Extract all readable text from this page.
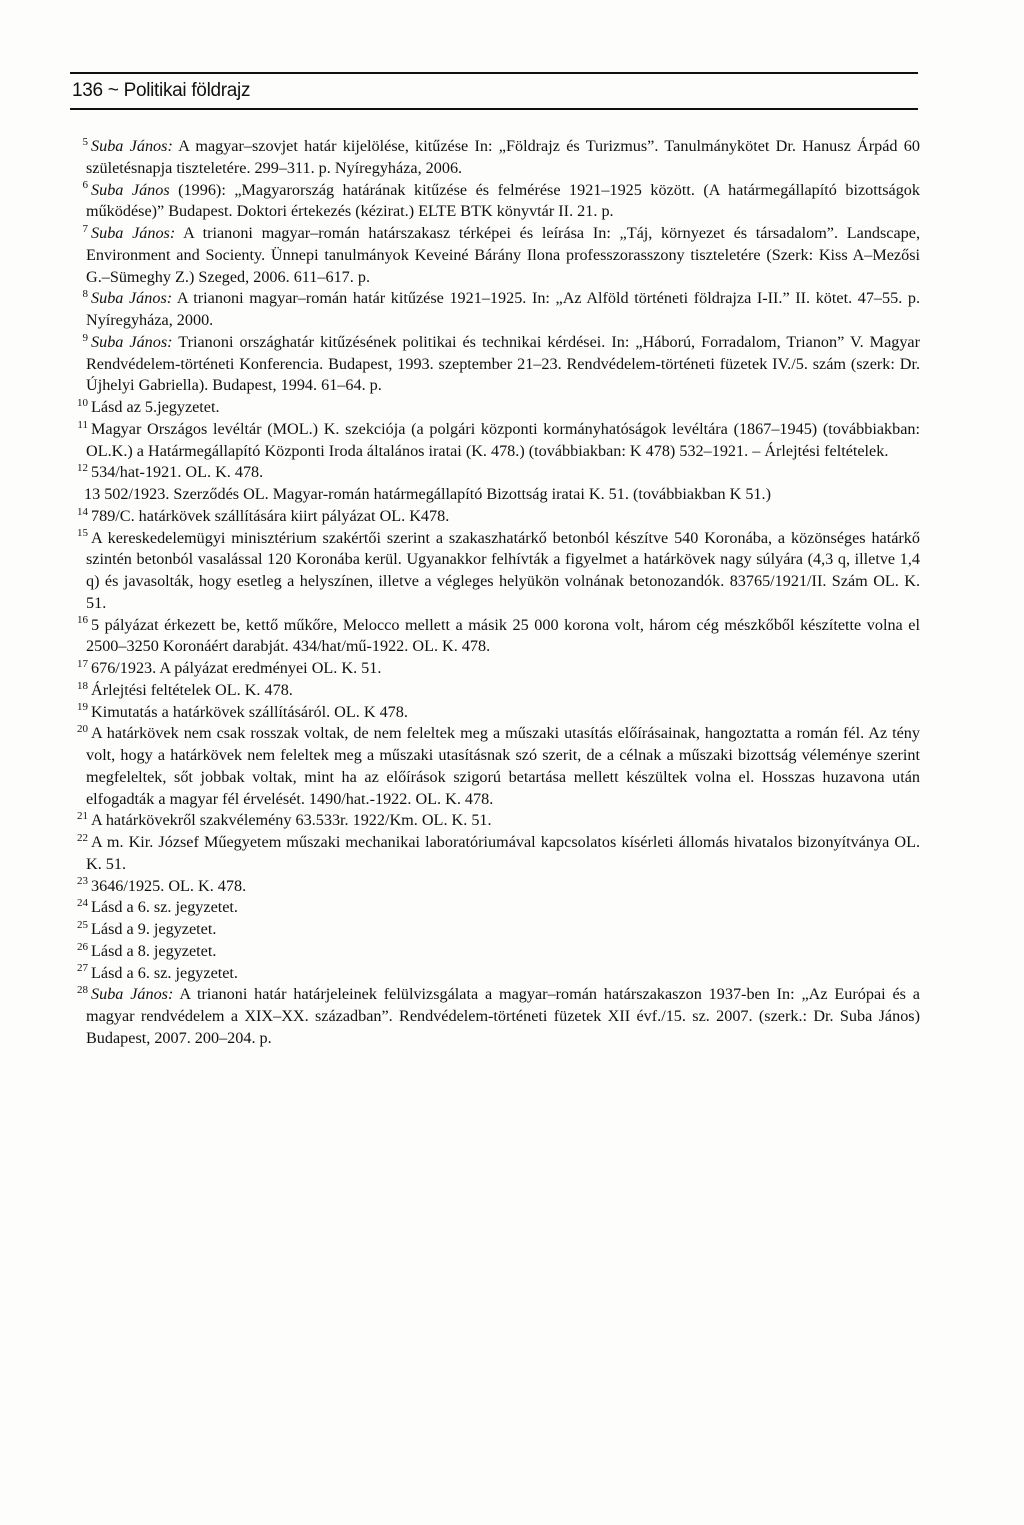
136 ~ Politikai földrajz

5 Suba János: A magyar–szovjet határ kijelölése, kitűzése In: „Földrajz és Turizmus”. Tanulmánykötet Dr. Hanusz Árpád 60 születésnapja tiszteletére. 299–311. p. Nyíregyháza, 2006.

6 Suba János (1996): „Magyarország határának kitűzése és felmérése 1921–1925 között. (A határmegállapító bizottságok működése)” Budapest. Doktori értekezés (kézirat.) ELTE BTK könyvtár II. 21. p.

7 Suba János: A trianoni magyar–román határszakasz térképei és leírása In: „Táj, környezet és társadalom”. Landscape, Environment and Socienty. Ünnepi tanulmányok Keveiné Bárány Ilona professzorasszony tiszteletére (Szerk: Kiss A–Mezősi G.–Sümeghy Z.) Szeged, 2006. 611–617. p.

8 Suba János: A trianoni magyar–román határ kitűzése 1921–1925. In: „Az Alföld történeti földrajza I-II.” II. kötet. 47–55. p. Nyíregyháza, 2000.

9 Suba János: Trianoni országhatár kitűzésének politikai és technikai kérdései. In: „Háború, Forradalom, Trianon” V. Magyar Rendvédelem-történeti Konferencia. Budapest, 1993. szeptember 21–23. Rendvédelem-történeti füzetek IV./5. szám (szerk: Dr. Újhelyi Gabriella). Budapest, 1994. 61–64. p.

10 Lásd az 5.jegyzetet.

11 Magyar Országos levéltár (MOL.) K. szekciója (a polgári központi kormányhatóságok levéltára (1867–1945) (továbbiakban: OL.K.) a Határmegállapító Központi Iroda általános iratai (K. 478.) (továbbiakban: K 478) 532–1921. – Árlejtési feltételek.

12 534/hat-1921. OL. K. 478.

13 502/1923. Szerződés OL. Magyar-román határmegállapító Bizottság iratai K. 51. (továbbiakban K 51.)

14 789/C. határkövek szállítására kiirt pályázat OL. K478.

15 A kereskedelemügyi minisztérium szakértői szerint a szakaszhatárkő betonból készítve 540 Koronába, a közönséges határkő szintén betonból vasalással 120 Koronába kerül. Ugyanakkor felhívták a figyelmet a határkövek nagy súlyára (4,3 q, illetve 1,4 q) és javasolták, hogy esetleg a helyszínen, illetve a végleges helyükön volnának betonozandók. 83765/1921/II. Szám OL. K. 51.

16 5 pályázat érkezett be, kettő műkőre, Melocco mellett a másik 25 000 korona volt, három cég mészkőből készítette volna el 2500–3250 Koronáért darabját. 434/hat/mű-1922. OL. K. 478.

17 676/1923. A pályázat eredményei OL. K. 51.

18 Árlejtési feltételek OL. K. 478.

19 Kimutatás a határkövek szállításáról. OL. K 478.

20 A határkövek nem csak rosszak voltak, de nem feleltek meg a műszaki utasítás előírásainak, hangoztatta a román fél. Az tény volt, hogy a határkövek nem feleltek meg a műszaki utasításnak szó szerit, de a célnak a műszaki bizottság véleménye szerint megfeleltek, sőt jobbak voltak, mint ha az előírások szigorú betartása mellett készültek volna el. Hosszas huzavona után elfogadták a magyar fél érvelését. 1490/hat.-1922. OL. K. 478.

21 A határkövekről szakvélemény 63.533r. 1922/Km. OL. K. 51.

22 A m. Kir. József Műegyetem műszaki mechanikai laboratóriumával kapcsolatos kísérleti állomás hivatalos bizonyítványa OL. K. 51.

23 3646/1925. OL. K. 478.

24 Lásd a 6. sz. jegyzetet.

25 Lásd a 9. jegyzetet.

26 Lásd a 8. jegyzetet.

27 Lásd a 6. sz. jegyzetet.

28 Suba János: A trianoni határ határjeleinek felülvizsgálata a magyar–román határszakaszon 1937-ben In: „Az Európai és a magyar rendvédelem a XIX–XX. században”. Rendvédelem-történeti füzetek XII évf./15. sz. 2007. (szerk.: Dr. Suba János) Budapest, 2007. 200–204. p.
